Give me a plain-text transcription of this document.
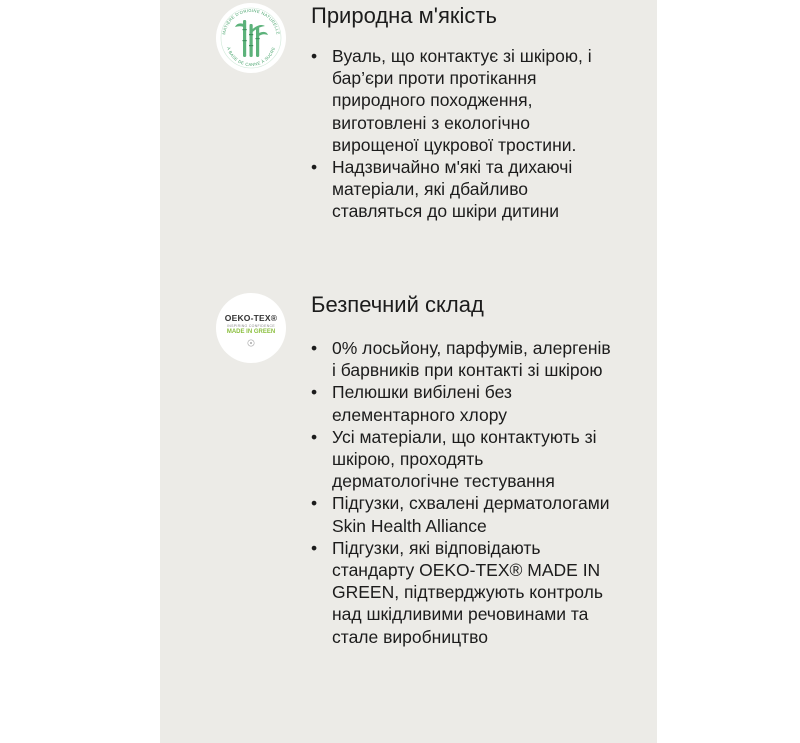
MATIÈRE D'ORIGINE NATURELLE
À BASE DE CANNE À SUCRE
Природна м'якість
• Вуаль, що контактує зі шкірою, і бар’єри проти протікання природного походження, виготовлені з екологічно вирощеної цукрової тростини.
• Надзвичайно м'які та дихаючі матеріали, які дбайливо ставляться до шкіри дитини
OEKO-TEX®
INSPIRING CONFIDENCE
MADE IN GREEN
Безпечний склад
• 0% лосьйону, парфумів, алергенів і барвників при контакті зі шкірою
• Пелюшки вибілені без елементарного хлору
• Усі матеріали, що контактують зі шкірою, проходять дерматологічне тестування
• Підгузки, схвалені дерматологами Skin Health Alliance
• Підгузки, які відповідають стандарту OEKO-TEX® MADE IN GREEN, підтверджують контроль над шкідливими речовинами та стале виробництво
